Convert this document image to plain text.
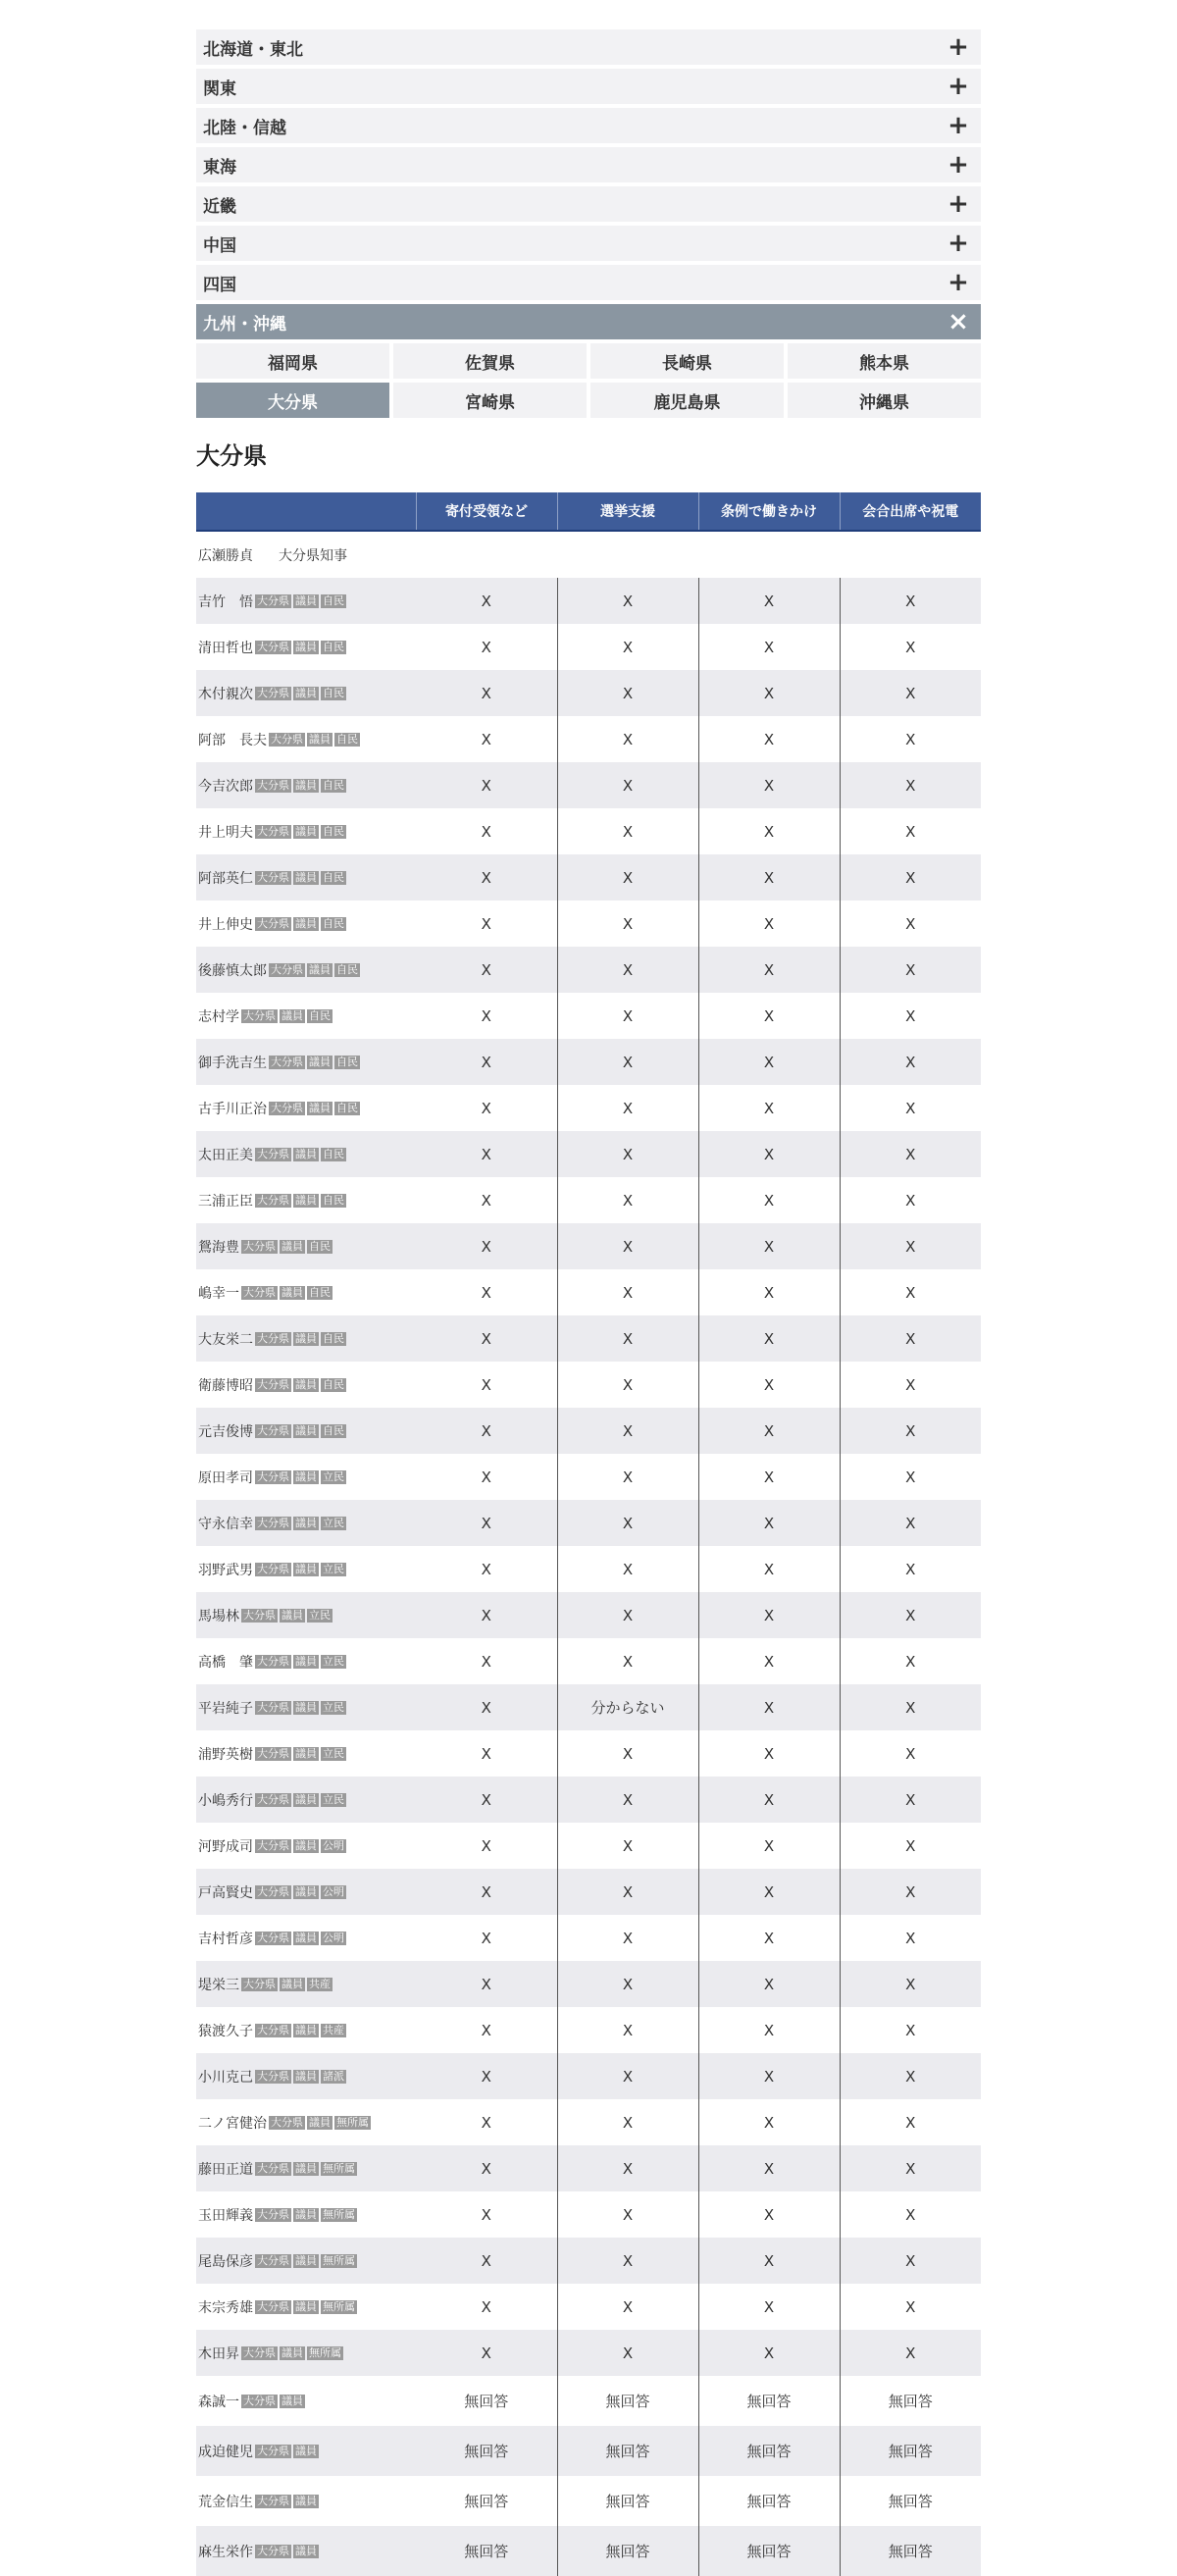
北海道・東北	+
関東	+
北陸・信越	+
東海	+
近畿	+
中国	+
四国	+
九州・沖縄	×
福岡県	佐賀県	長崎県	熊本県
大分県	宮崎県	鹿児島県	沖縄県
大分県
	寄付受領など	選挙支援	条例で働きかけ	会合出席や祝電
広瀬勝貞 大分県知事				
吉竹　悟 大分県 議員 自民	X	X	X	X
清田哲也 大分県 議員 自民	X	X	X	X
木付親次 大分県 議員 自民	X	X	X	X
阿部　長夫 大分県 議員 自民	X	X	X	X
今吉次郎 大分県 議員 自民	X	X	X	X
井上明夫 大分県 議員 自民	X	X	X	X
阿部英仁 大分県 議員 自民	X	X	X	X
井上伸史 大分県 議員 自民	X	X	X	X
後藤慎太郎 大分県 議員 自民	X	X	X	X
志村学 大分県 議員 自民	X	X	X	X
御手洗吉生 大分県 議員 自民	X	X	X	X
古手川正治 大分県 議員 自民	X	X	X	X
太田正美 大分県 議員 自民	X	X	X	X
三浦正臣 大分県 議員 自民	X	X	X	X
鴛海豊 大分県 議員 自民	X	X	X	X
嶋幸一 大分県 議員 自民	X	X	X	X
大友栄二 大分県 議員 自民	X	X	X	X
衛藤博昭 大分県 議員 自民	X	X	X	X
元吉俊博 大分県 議員 自民	X	X	X	X
原田孝司 大分県 議員 立民	X	X	X	X
守永信幸 大分県 議員 立民	X	X	X	X
羽野武男 大分県 議員 立民	X	X	X	X
馬場林 大分県 議員 立民	X	X	X	X
高橋　肇 大分県 議員 立民	X	X	X	X
平岩純子 大分県 議員 立民	X	分からない	X	X
浦野英樹 大分県 議員 立民	X	X	X	X
小嶋秀行 大分県 議員 立民	X	X	X	X
河野成司 大分県 議員 公明	X	X	X	X
戸高賢史 大分県 議員 公明	X	X	X	X
吉村哲彦 大分県 議員 公明	X	X	X	X
堤栄三 大分県 議員 共産	X	X	X	X
猿渡久子 大分県 議員 共産	X	X	X	X
小川克己 大分県 議員 諸派	X	X	X	X
二ノ宮健治 大分県 議員 無所属	X	X	X	X
藤田正道 大分県 議員 無所属	X	X	X	X
玉田輝義 大分県 議員 無所属	X	X	X	X
尾島保彦 大分県 議員 無所属	X	X	X	X
末宗秀雄 大分県 議員 無所属	X	X	X	X
木田昇 大分県 議員 無所属	X	X	X	X
森誠一 大分県 議員	無回答	無回答	無回答	無回答
成迫健児 大分県 議員	無回答	無回答	無回答	無回答
荒金信生 大分県 議員	無回答	無回答	無回答	無回答
麻生栄作 大分県 議員	無回答	無回答	無回答	無回答
